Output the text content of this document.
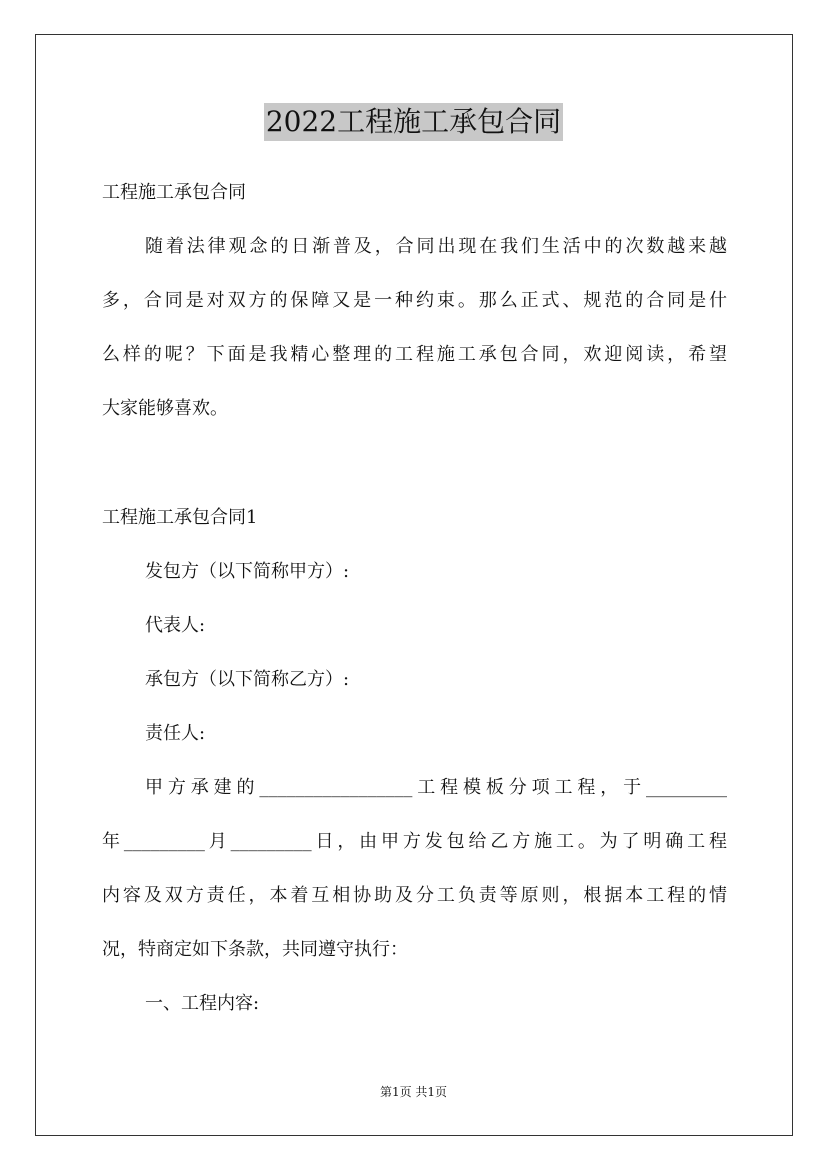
2022工程施工承包合同
工程施工承包合同
随着法律观念的日渐普及，合同出现在我们生活中的次数越来越
多，合同是对双方的保障又是一种约束。那么正式、规范的合同是什
么样的呢？下面是我精心整理的工程施工承包合同，欢迎阅读，希望
大家能够喜欢。
工程施工承包合同1
发包方（以下简称甲方）:
代表人:
承包方（以下简称乙方）:
责任人:
甲方承建的_________________工程模板分项工程，于_________
年_________月_________日，由甲方发包给乙方施工。为了明确工程
内容及双方责任，本着互相协助及分工负责等原则，根据本工程的情
况，特商定如下条款，共同遵守执行：
一、工程内容:
第1页 共1页
